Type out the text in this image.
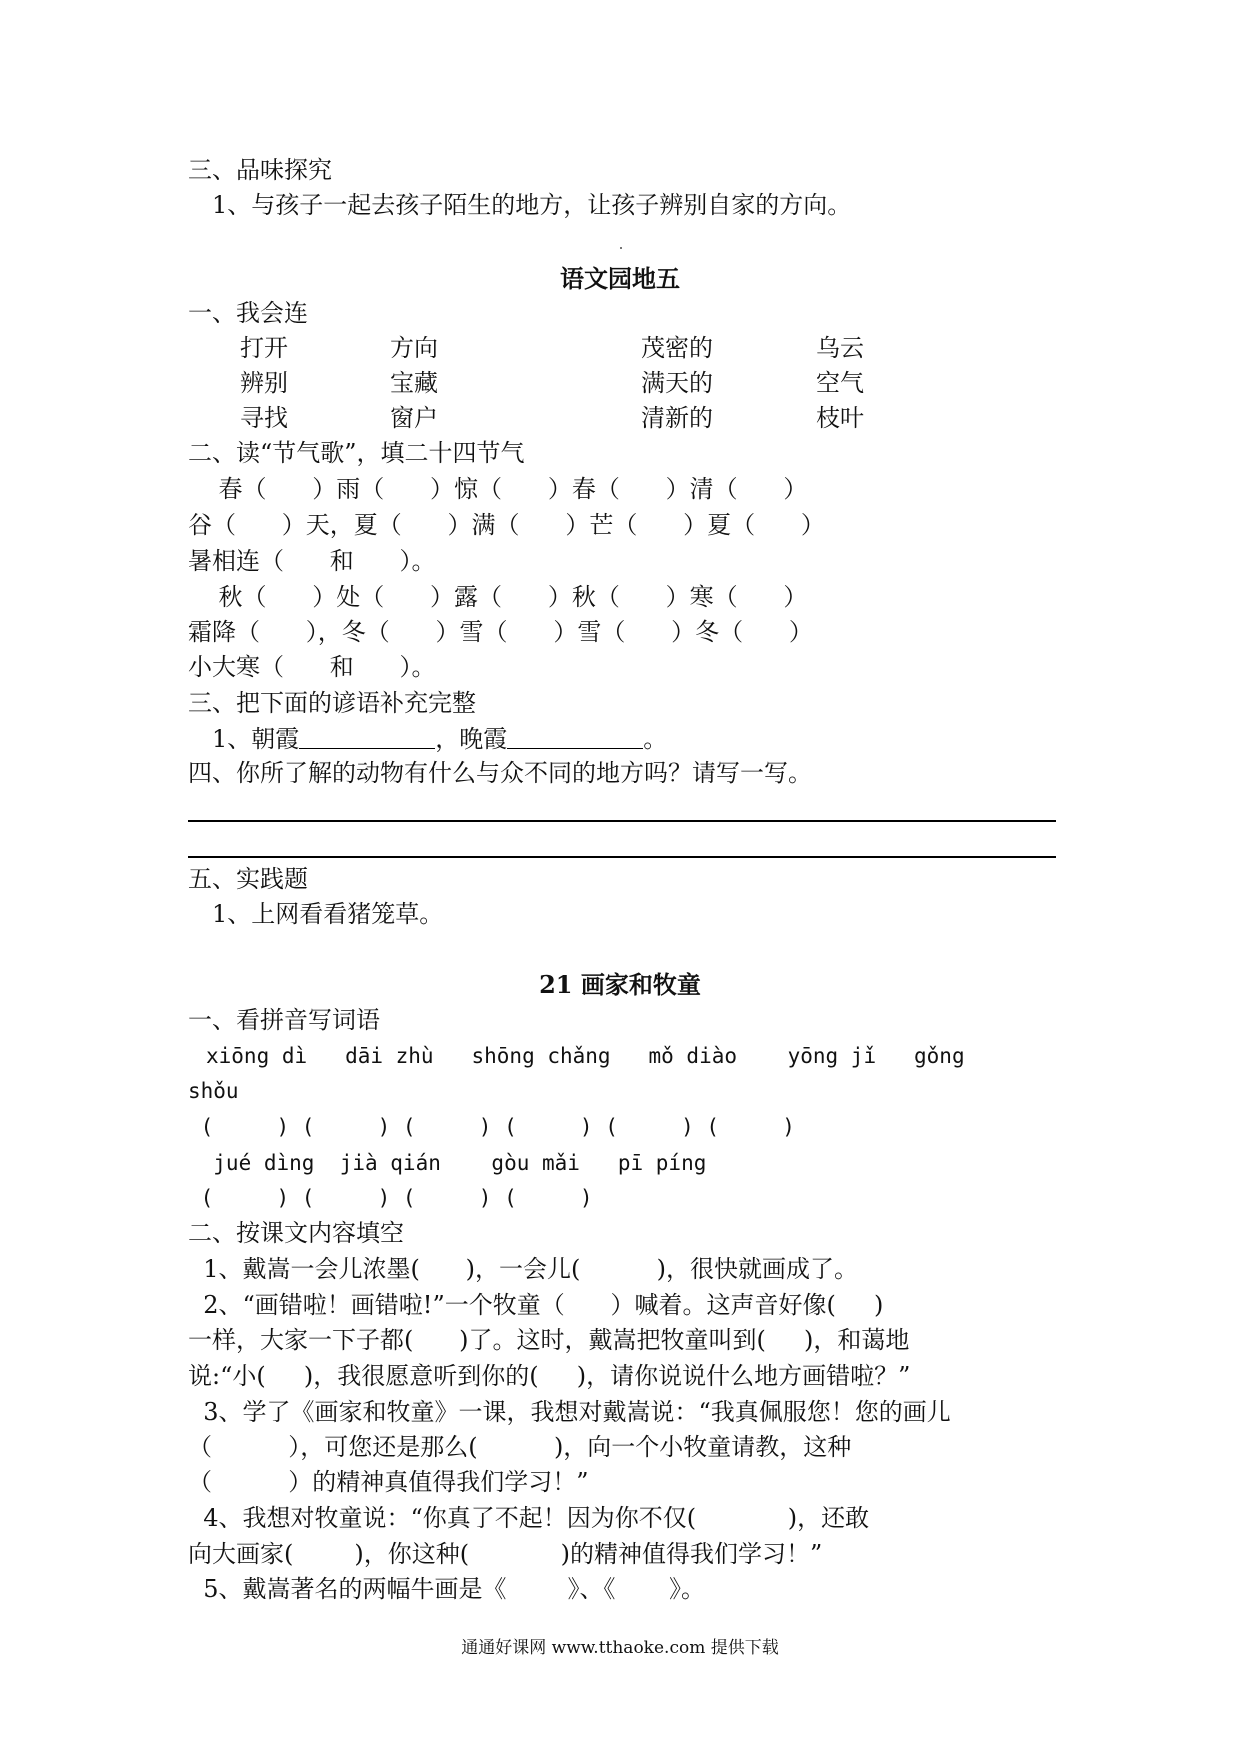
三、品味探究
1、与孩子一起去孩子陌生的地方，让孩子辨别自家的方向。
语文园地五
一、我会连
打开	方向	茂密的	乌云
辨别	宝藏	满天的	空气
寻找	窗户	清新的	枝叶
二、读“节气歌”，填二十四节气
春（      ）雨（      ）惊（      ）春（      ）清（      ）
谷（      ）天，夏（      ）满（      ）芒（      ）夏（      ）
暑相连（      和      ）。
秋（      ）处（      ）露（      ）秋（      ）寒（      ）
霜降（      ），冬（      ）雪（      ）雪（      ）冬（      ）
小大寒（      和      ）。
三、把下面的谚语补充完整
1、朝霞	，晚霞	。
四、你所了解的动物有什么与众不同的地方吗？请写一写。
五、实践题
1、上网看看猪笼草。
21 画家和牧童
一、看拼音写词语
xiōng dì   dāi zhù   shōng chǎng   mǒ diào    yōng jǐ   gǒng
shǒu
(     ) (     ) (     ) (     ) (     ) (     )
jué dìng  jià qián    gòu mǎi   pī píng
(     ) (     ) (     ) (     )
二、按课文内容填空
1、戴嵩一会儿浓墨(      )，一会儿(          )，很快就画成了。
2、“画错啦！画错啦!”一个牧童（      ）喊着。这声音好像(     )
一样，大家一下子都(      )了。这时，戴嵩把牧童叫到(     )，和蔼地
说:“小(     )，我很愿意听到你的(     )，请你说说什么地方画错啦？”
3、学了《画家和牧童》一课，我想对戴嵩说：“我真佩服您！您的画儿
（          ），可您还是那么(          )，向一个小牧童请教，这种
（          ）的精神真值得我们学习！”
4、我想对牧童说：“你真了不起！因为你不仅(            )，还敢
向大画家(        )，你这种(            )的精神值得我们学习！”
5、戴嵩著名的两幅牛画是《        》、《       》。
通通好课网 www.tthaoke.com 提供下载
